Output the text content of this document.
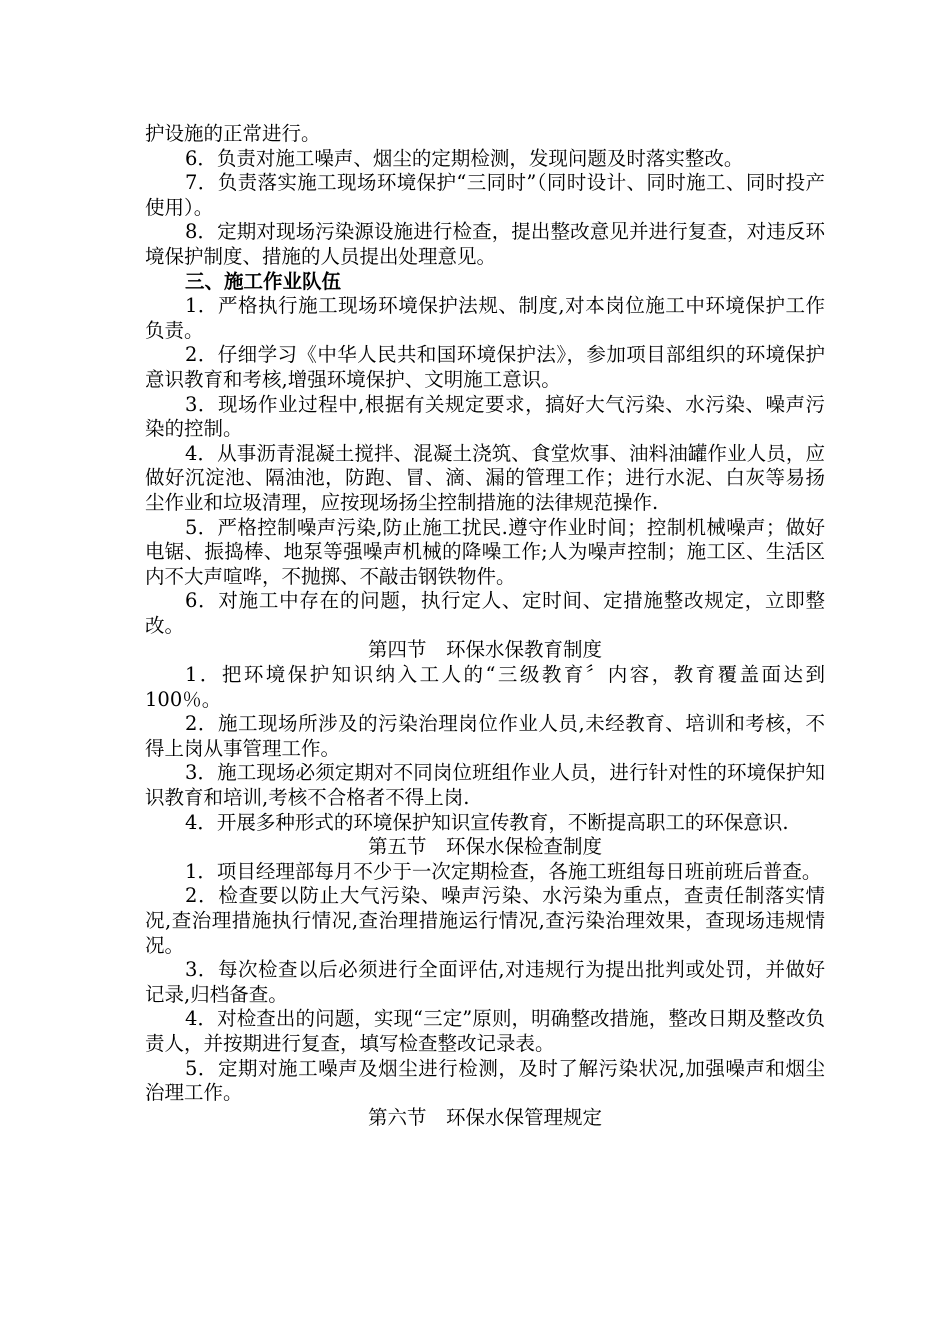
护设施的正常进行。

6．负责对施工噪声、烟尘的定期检测，发现问题及时落实整改。

7．负责落实施工现场环境保护“三同时”（同时设计、同时施工、同时投产使用）。

8．定期对现场污染源设施进行检查，提出整改意见并进行复查，对违反环境保护制度、措施的人员提出处理意见。

三、施工作业队伍

1．严格执行施工现场环境保护法规、制度,对本岗位施工中环境保护工作负责。

2．仔细学习《中华人民共和国环境保护法》，参加项目部组织的环境保护意识教育和考核,增强环境保护、文明施工意识。

3．现场作业过程中,根据有关规定要求，搞好大气污染、水污染、噪声污染的控制。

4．从事沥青混凝土搅拌、混凝土浇筑、食堂炊事、油料油罐作业人员，应做好沉淀池、隔油池，防跑、冒、滴、漏的管理工作；进行水泥、白灰等易扬尘作业和垃圾清理，应按现场扬尘控制措施的法律规范操作.

5．严格控制噪声污染,防止施工扰民.遵守作业时间；控制机械噪声；做好电锯、振捣棒、地泵等强噪声机械的降噪工作;人为噪声控制；施工区、生活区内不大声喧哗，不抛掷、不敲击钢铁物件。

6．对施工中存在的问题，执行定人、定时间、定措施整改规定，立即整改。

第四节　环保水保教育制度

1．把环境保护知识纳入工人的“三级教育〞内容，教育覆盖面达到100％。

2．施工现场所涉及的污染治理岗位作业人员,未经教育、培训和考核，不得上岗从事管理工作。

3．施工现场必须定期对不同岗位班组作业人员，进行针对性的环境保护知识教育和培训,考核不合格者不得上岗.

4．开展多种形式的环境保护知识宣传教育，不断提高职工的环保意识.

第五节　环保水保检查制度

1．项目经理部每月不少于一次定期检查，各施工班组每日班前班后普查。

2．检查要以防止大气污染、噪声污染、水污染为重点，查责任制落实情况,查治理措施执行情况,查治理措施运行情况,查污染治理效果，查现场违规情况。

3．每次检查以后必须进行全面评估,对违规行为提出批判或处罚，并做好记录,归档备查。

4．对检查出的问题，实现“三定”原则，明确整改措施，整改日期及整改负责人，并按期进行复查，填写检查整改记录表。

5．定期对施工噪声及烟尘进行检测，及时了解污染状况,加强噪声和烟尘治理工作。

第六节　环保水保管理规定
